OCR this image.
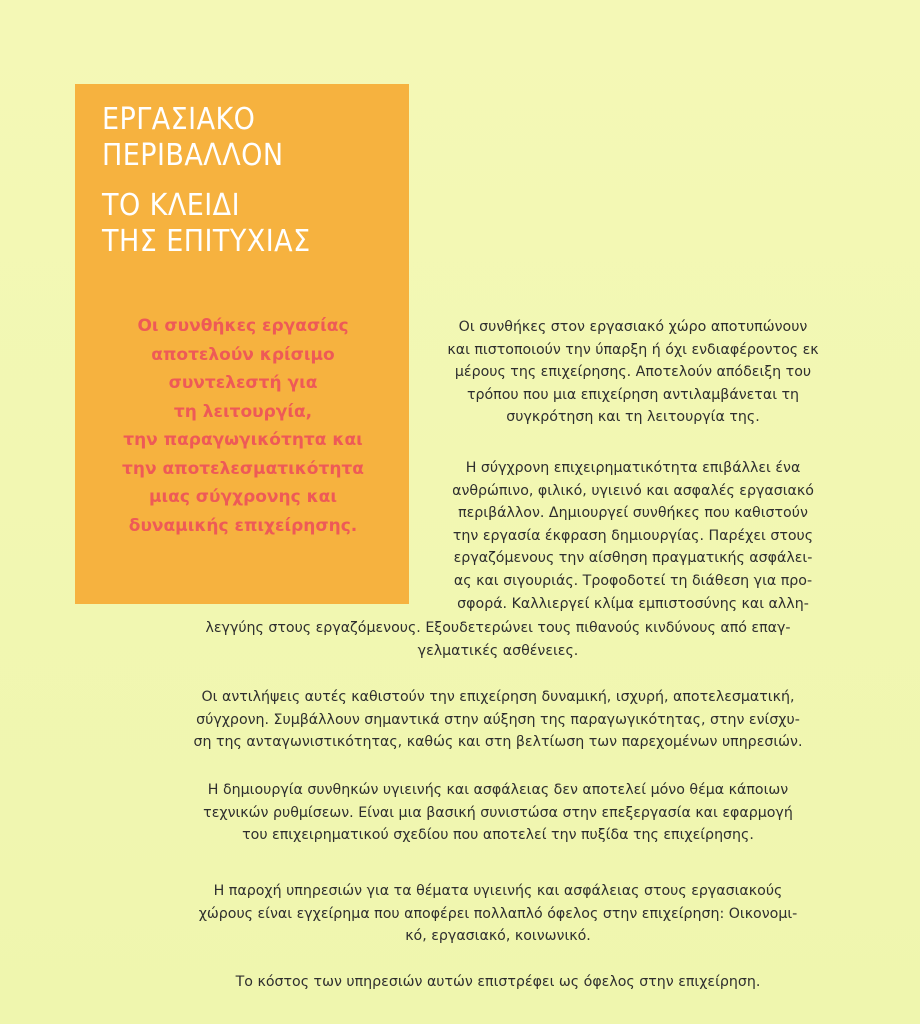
ΕΡΓΑΣΙΑΚΟ
ΠΕΡΙΒΑΛΛΟΝ
ΤΟ ΚΛΕΙΔΙ
ΤΗΣ ΕΠΙΤΥΧΙΑΣ
Οι συνθήκες εργασίας
αποτελούν κρίσιμο
συντελεστή για
τη λειτουργία,
την παραγωγικότητα και
την αποτελεσματικότητα
μιας σύγχρονης και
δυναμικής επιχείρησης.
Οι συνθήκες στον εργασιακό χώρο αποτυπώνουν
και πιστοποιούν την ύπαρξη ή όχι ενδιαφέροντος εκ
μέρους της επιχείρησης. Αποτελούν απόδειξη του
τρόπου που μια επιχείρηση αντιλαμβάνεται τη
συγκρότηση και τη λειτουργία της.
Η σύγχρονη επιχειρηματικότητα επιβάλλει ένα
ανθρώπινο, φιλικό, υγιεινό και ασφαλές εργασιακό
περιβάλλον. Δημιουργεί συνθήκες που καθιστούν
την εργασία έκφραση δημιουργίας. Παρέχει στους
εργαζόμενους την αίσθηση πραγματικής ασφάλει-
ας και σιγουριάς. Τροφοδοτεί τη διάθεση για προ-
σφορά. Καλλιεργεί κλίμα εμπιστοσύνης και αλλη-
λεγγύης στους εργαζόμενους. Εξουδετερώνει τους πιθανούς κινδύνους από επαγ-
γελματικές ασθένειες.
Οι αντιλήψεις αυτές καθιστούν την επιχείρηση δυναμική, ισχυρή, αποτελεσματική,
σύγχρονη. Συμβάλλουν σημαντικά στην αύξηση της παραγωγικότητας, στην ενίσχυ-
ση της ανταγωνιστικότητας, καθώς και στη βελτίωση των παρεχομένων υπηρεσιών.
Η δημιουργία συνθηκών υγιεινής και ασφάλειας δεν αποτελεί μόνο θέμα κάποιων
τεχνικών ρυθμίσεων. Είναι μια βασική συνιστώσα στην επεξεργασία και εφαρμογή
του επιχειρηματικού σχεδίου που αποτελεί την πυξίδα της επιχείρησης.
Η παροχή υπηρεσιών για τα θέματα υγιεινής και ασφάλειας στους εργασιακούς
χώρους είναι εγχείρημα που αποφέρει πολλαπλό όφελος στην επιχείρηση: Οικονομι-
κό, εργασιακό, κοινωνικό.
Το κόστος των υπηρεσιών αυτών επιστρέφει ως όφελος στην επιχείρηση.
